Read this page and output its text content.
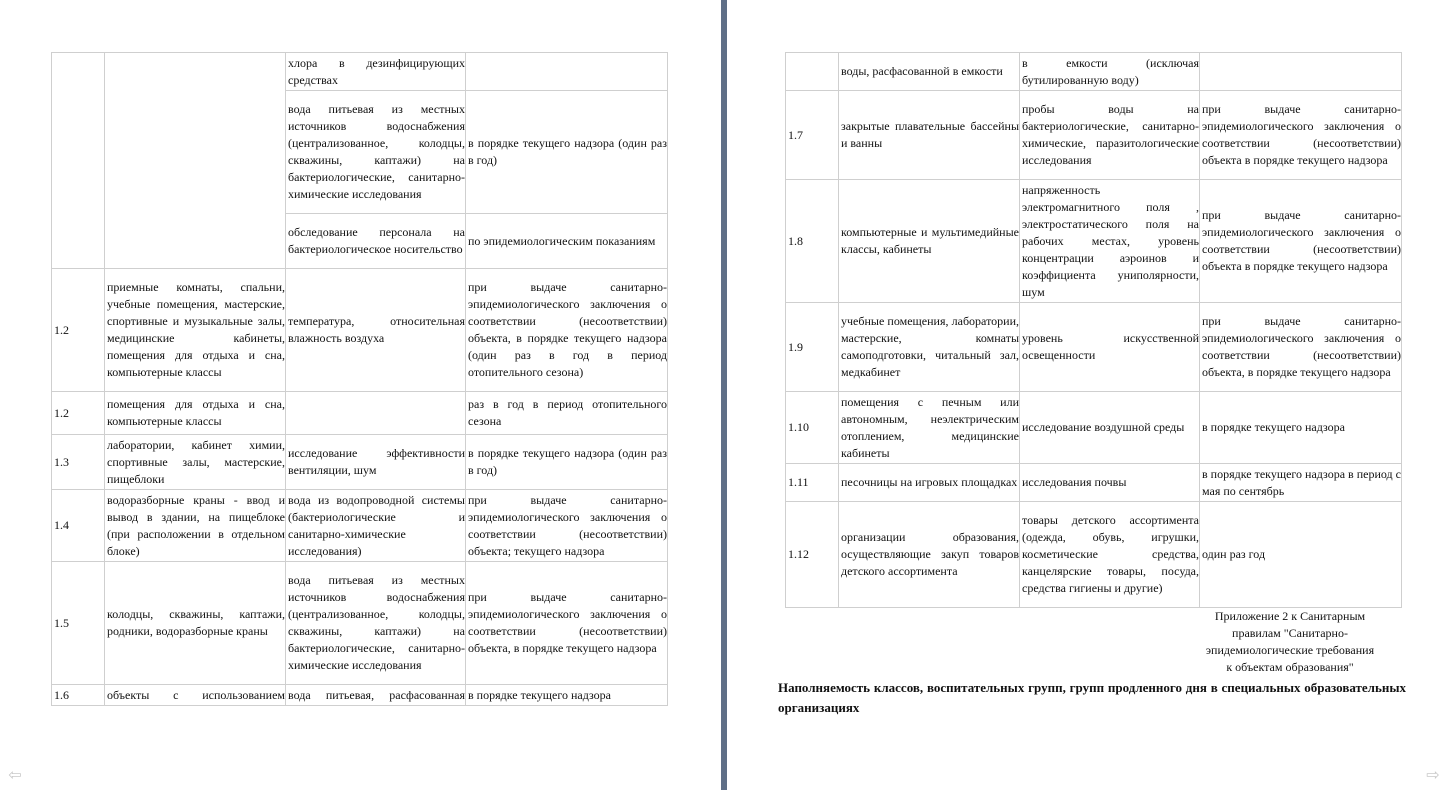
		хлора в дезинфицирующих средствах	
		вода питьевая из местных источников водоснабжения (централизованное, колодцы, скважины, каптажи) на бактериологические, санитарно-химические исследования	в порядке текущего надзора (один раз в год)
		обследование персонала на бактериологическое носительство	по эпидемиологическим показаниям
1.2	приемные комнаты, спальни, учебные помещения, мастерские, спортивные и музыкальные залы, медицинские кабинеты, помещения для отдыха и сна, компьютерные классы	температура, относительная влажность воздуха	при выдаче санитарно-эпидемиологического заключения о соответствии (несоответствии) объекта, в порядке текущего надзора (один раз в год в период отопительного сезона)
1.2	помещения для отдыха и сна, компьютерные классы		раз в год в период отопительного сезона
1.3	лаборатории, кабинет химии, спортивные залы, мастерские, пищеблоки	исследование эффективности вентиляции, шум	в порядке текущего надзора (один раз в год)
1.4	водоразборные краны - ввод и вывод в здании, на пищеблоке (при расположении в отдельном блоке)	вода из водопроводной системы (бактериологические и санитарно-химические исследования)	при выдаче санитарно-эпидемиологического заключения о соответствии (несоответствии) объекта; текущего надзора
1.5	колодцы, скважины, каптажи, родники, водоразборные краны	вода питьевая из местных источников водоснабжения (централизованное, колодцы, скважины, каптажи) на бактериологические, санитарно-химические исследования	при выдаче санитарно-эпидемиологического заключения о соответствии (несоответствии) объекта, в порядке текущего надзора
1.6	объекты с использованием	вода питьевая, расфасованная	в порядке текущего надзора
	воды, расфасованной в емкости	в емкости (исключая бутилированную воду)	
1.7	закрытые плавательные бассейны и ванны	пробы воды на бактериологические, санитарно-химические, паразитологические исследования	при выдаче санитарно-эпидемиологического заключения о соответствии (несоответствии) объекта в порядке текущего надзора
1.8	компьютерные и мультимедийные классы, кабинеты	напряженность электромагнитного поля , электростатического поля на рабочих местах, уровень концентрации аэроинов и коэффициента униполярности, шум	при выдаче санитарно-эпидемиологического заключения о соответствии (несоответствии) объекта в порядке текущего надзора
1.9	учебные помещения, лаборатории, мастерские, комнаты самоподготовки, читальный зал, медкабинет	уровень искусственной освещенности	при выдаче санитарно-эпидемиологического заключения о соответствии (несоответствии) объекта, в порядке текущего надзора
1.10	помещения с печным или автономным, неэлектрическим отоплением, медицинские кабинеты	исследование воздушной среды	в порядке текущего надзора
1.11	песочницы на игровых площадках	исследования почвы	в порядке текущего надзора в период с мая по сентябрь
1.12	организации образования, осуществляющие закуп товаров детского ассортимента	товары детского ассортимента (одежда, обувь, игрушки, косметические средства, канцелярские товары, посуда, средства гигиены и другие)	один раз год
Приложение 2 к Санитарным
правилам "Санитарно-
эпидемиологические требования
к объектам образования"
Наполняемость классов, воспитательных групп, групп продленного дня в специальных образовательных организациях
⇦	⇨
